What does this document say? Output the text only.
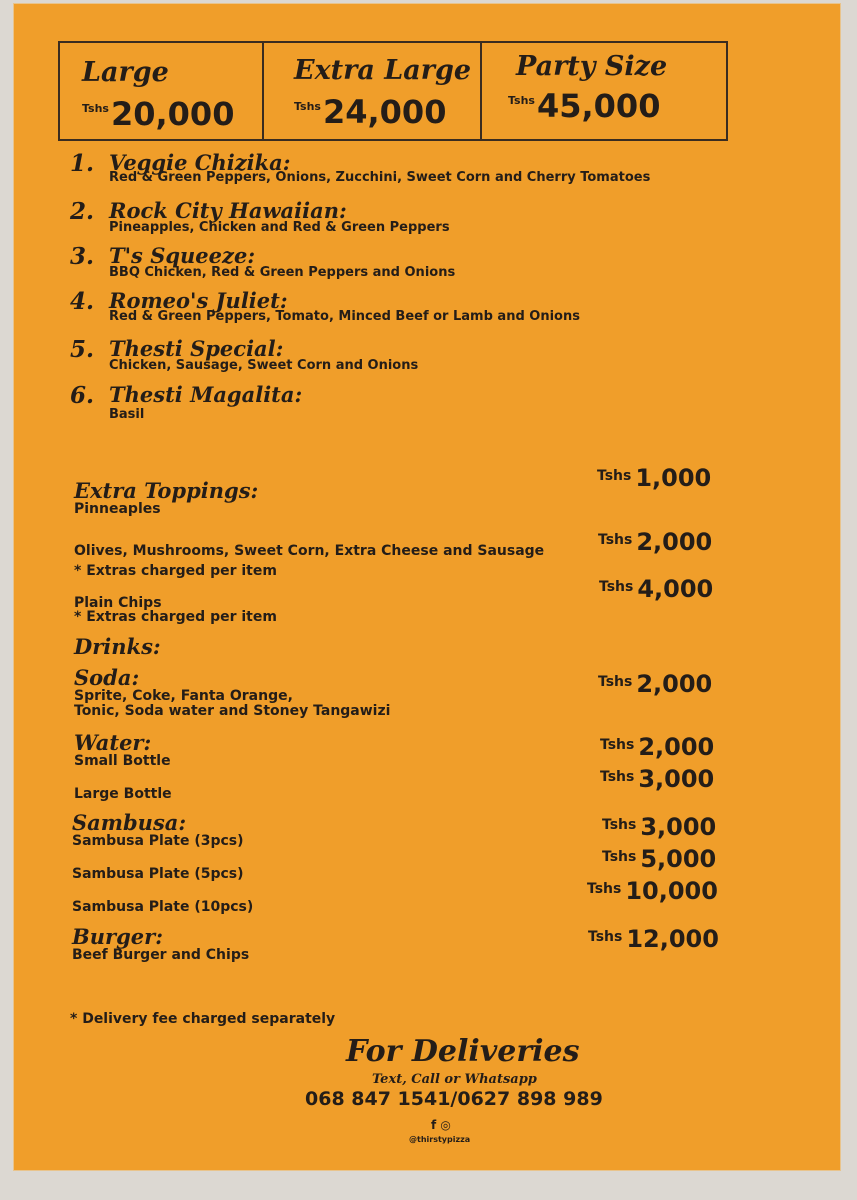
Large
$^{Tshs}$20,000
Extra Large
$^{Tshs}$24,000
Party Size
$^{Tshs}$45,000
1. Veggie Chizika:
Red & Green Peppers, Onions, Zucchini, Sweet Corn and Cherry Tomatoes
2. Rock City Hawaiian:
Pineapples, Chicken and Red & Green Peppers
3. T's Squeeze:
BBQ Chicken, Red & Green Peppers and Onions
4. Romeo's Juliet:
Red & Green Peppers, Tomato, Minced Beef or Lamb and Onions
5. Thesti Special:
Chicken, Sausage, Sweet Corn and Onions
6. Thesti Magalita:
Basil
Extra Toppings:
Pinneaples
$^{Tshs}$ 1,000
Olives, Mushrooms, Sweet Corn, Extra Cheese and Sausage
* Extras charged per item
$^{Tshs}$ 2,000
Plain Chips
* Extras charged per item
$^{Tshs}$ 4,000
Drinks:
Soda:
Sprite, Coke, Fanta Orange,
Tonic, Soda water and Stoney Tangawizi
$^{Tshs}$ 2,000
Water:
Small Bottle
$^{Tshs}$ 2,000
Large Bottle
$^{Tshs}$ 3,000
Sambusa:
Sambusa Plate (3pcs)
$^{Tshs}$ 3,000
Sambusa Plate (5pcs)
$^{Tshs}$ 5,000
Sambusa Plate (10pcs)
$^{Tshs}$ 10,000
Burger:
Beef Burger and Chips
$^{Tshs}$ 12,000
* Delivery fee charged separately
For Deliveries
Text, Call or Whatsapp
068 847 1541/0627 898 989
f ◎
@thirstypizza
